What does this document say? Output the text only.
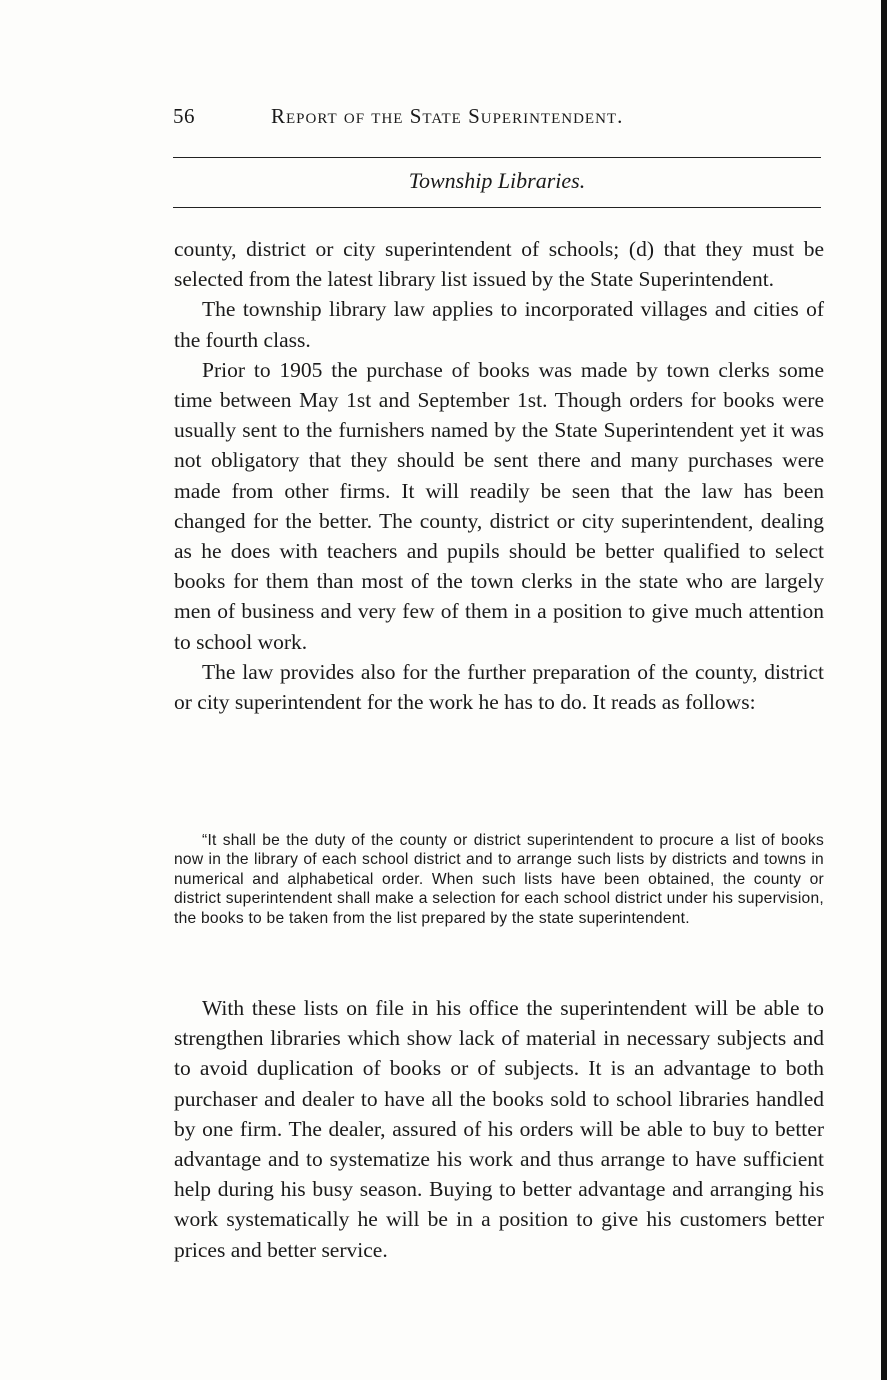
56	Report of the State Superintendent.
Township Libraries.

county, district or city superintendent of schools; (d) that they must be selected from the latest library list issued by the State Superintendent.

The township library law applies to incorporated villages and cities of the fourth class.

Prior to 1905 the purchase of books was made by town clerks some time between May 1st and September 1st. Though orders for books were usually sent to the furnishers named by the State Superintendent yet it was not obligatory that they should be sent there and many purchases were made from other firms. It will readily be seen that the law has been changed for the better. The county, district or city superintendent, dealing as he does with teachers and pupils should be better qualified to select books for them than most of the town clerks in the state who are largely men of business and very few of them in a position to give much attention to school work.

The law provides also for the further preparation of the county, district or city superintendent for the work he has to do. It reads as follows:

“It shall be the duty of the county or district superintendent to procure a list of books now in the library of each school district and to arrange such lists by districts and towns in numerical and alphabetical order. When such lists have been obtained, the county or district superintendent shall make a selection for each school district under his supervision, the books to be taken from the list prepared by the state superintendent.

With these lists on file in his office the superintendent will be able to strengthen libraries which show lack of material in necessary subjects and to avoid duplication of books or of subjects. It is an advantage to both purchaser and dealer to have all the books sold to school libraries handled by one firm. The dealer, assured of his orders will be able to buy to better advantage and to systematize his work and thus arrange to have sufficient help during his busy season. Buying to better advantage and arranging his work systematically he will be in a position to give his customers better prices and better service.
